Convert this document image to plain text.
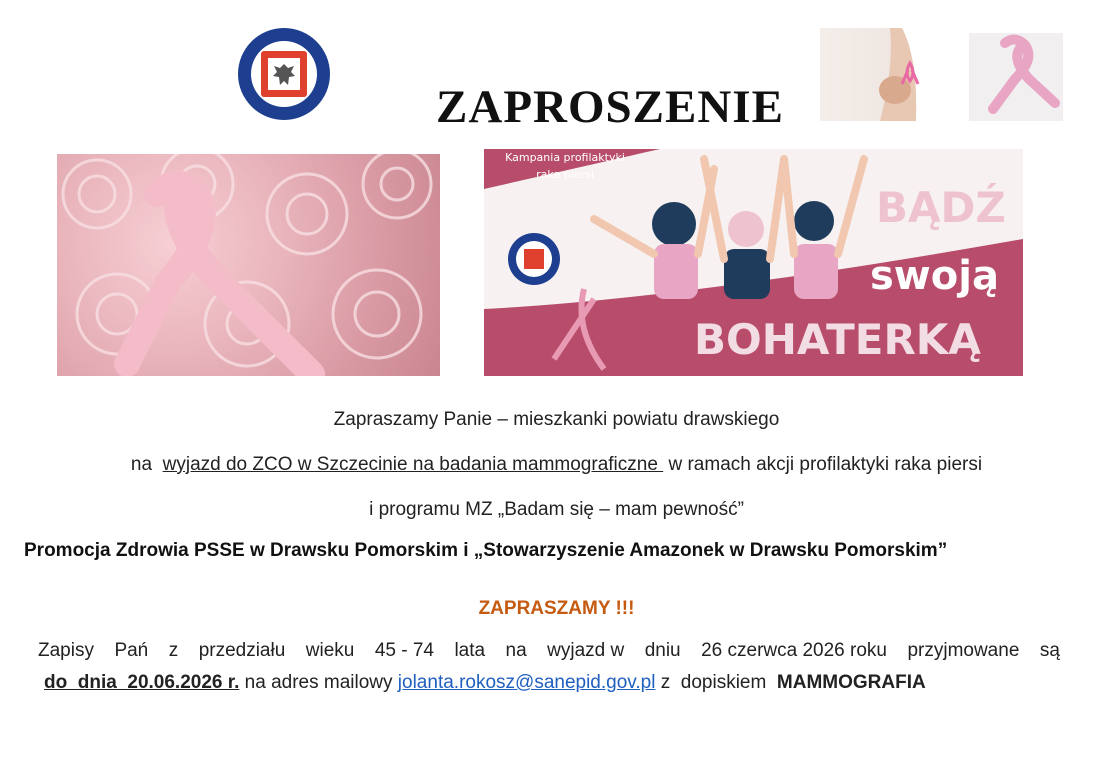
ZAPROSZENIE
Kampania profilaktyki
raka piersi
BĄDŹ
swoją
BOHATERKĄ
Zapraszamy Panie – mieszkanki powiatu drawskiego
na  wyjazd do ZCO w Szczecinie na badania mammograficzne  w ramach akcji profilaktyki raka piersi
i programu MZ „Badam się – mam pewność”
Promocja Zdrowia PSSE w Drawsku Pomorskim i „Stowarzyszenie Amazonek w Drawsku Pomorskim”
ZAPRASZAMY !!!
Zapisy Pań z przedziału wieku 45 - 74 lata na wyjazd w dniu 26 czerwca 2026 roku przyjmowane są
do  dnia  20.06.2026 r. na adres mailowy jolanta.rokosz@sanepid.gov.pl z  dopiskiem  MAMMOGRAFIA
